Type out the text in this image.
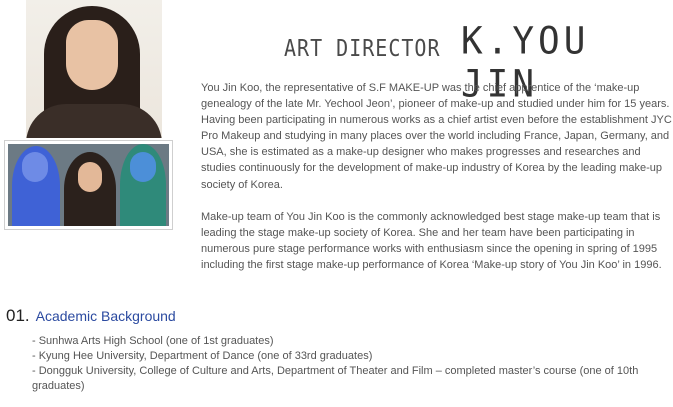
ART DIRECTOR K.YOU JIN

You Jin Koo, the representative of S.F MAKE-UP was the chief apprentice of the ‘make-up genealogy of the late Mr. Yechool Jeon’, pioneer of make-up and studied under him for 15 years. Having been participating in numerous works as a chief artist even before the establishment JYC Pro Makeup and studying in many places over the world including France, Japan, Germany, and USA, she is estimated as a make-up designer who makes progresses and researches and studies continuously for the development of make-up industry of Korea by the leading make-up society of Korea.

Make-up team of You Jin Koo is the commonly acknowledged best stage make-up team that is leading the stage make-up society of Korea. She and her team have been participating in numerous pure stage performance works with enthusiasm since the opening in spring of 1995 including the first stage make-up performance of Korea ‘Make-up story of You Jin Koo’ in 1996.

01. Academic Background
- Sunhwa Arts High School (one of 1st graduates)
- Kyung Hee University, Department of Dance (one of 33rd graduates)
- Dongguk University, College of Culture and Arts, Department of Theater and Film – completed master’s course (one of 10th graduates)
